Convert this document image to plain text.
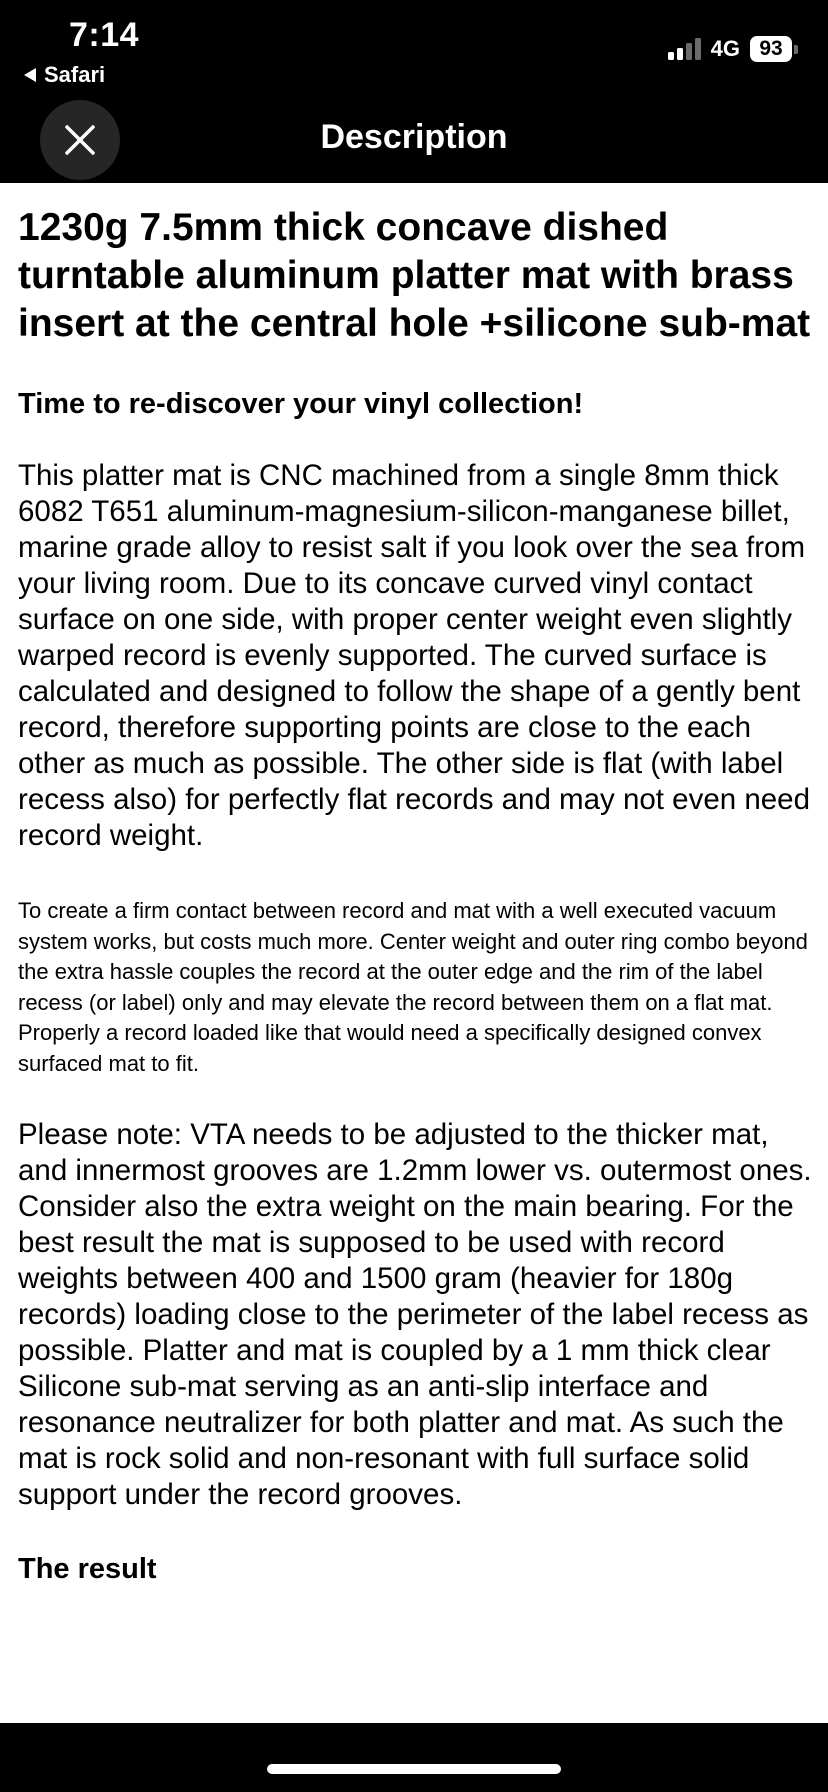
7:14
Safari
4G 93
Description
1230g 7.5mm thick concave dished turntable aluminum platter mat with brass insert at the central hole +silicone sub-mat

Time to re-discover your vinyl collection!

This platter mat is CNC machined from a single 8mm thick 6082 T651 aluminum-magnesium-silicon-manganese billet, marine grade alloy to resist salt if you look over the sea from your living room. Due to its concave curved vinyl contact surface on one side, with proper center weight even slightly warped record is evenly supported. The curved surface is calculated and designed to follow the shape of a gently bent record, therefore supporting points are close to the each other as much as possible. The other side is flat (with label recess also) for perfectly flat records and may not even need record weight.

To create a firm contact between record and mat with a well executed vacuum system works, but costs much more. Center weight and outer ring combo beyond the extra hassle couples the record at the outer edge and the rim of the label recess (or label) only and may elevate the record between them on a flat mat. Properly a record loaded like that would need a specifically designed convex surfaced mat to fit.

Please note: VTA needs to be adjusted to the thicker mat, and innermost grooves are 1.2mm lower vs. outermost ones. Consider also the extra weight on the main bearing. For the best result the mat is supposed to be used with record weights between 400 and 1500 gram (heavier for 180g records) loading close to the perimeter of the label recess as possible. Platter and mat is coupled by a 1 mm thick clear Silicone sub-mat serving as an anti-slip interface and resonance neutralizer for both platter and mat. As such the mat is rock solid and non-resonant with full surface solid support under the record grooves.

The result
